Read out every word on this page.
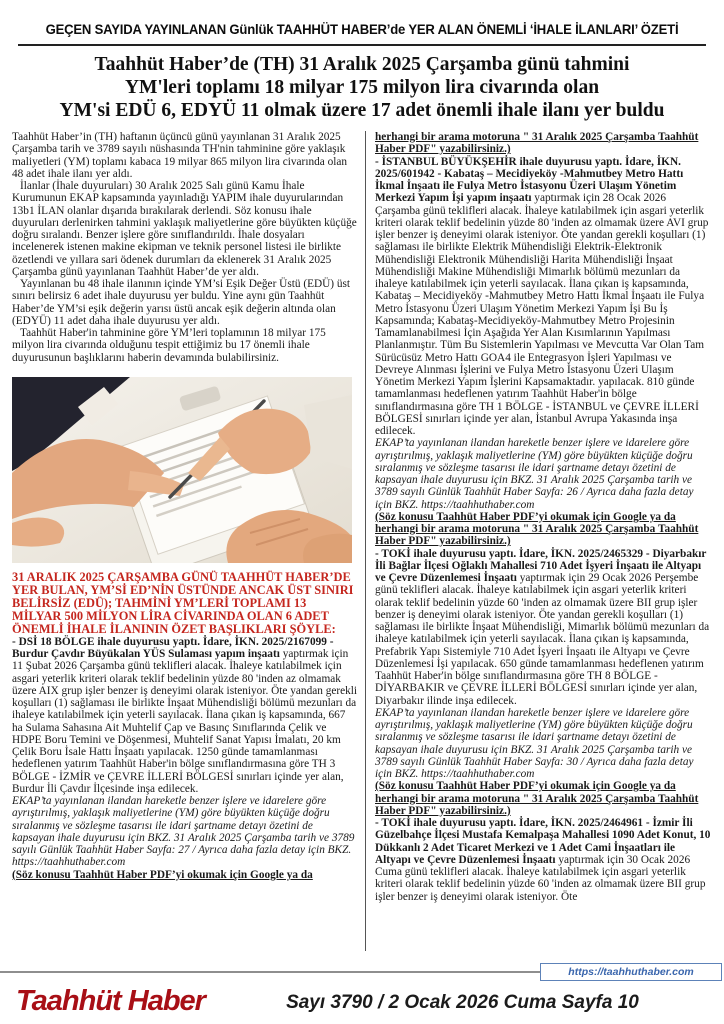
GEÇEN SAYIDA YAYINLANAN Günlük TAAHHÜT HABER’de YER ALAN ÖNEMLİ ‘İHALE İLANLARI’ ÖZETİ
Taahhüt Haber’de (TH) 31 Aralık 2025 Çarşamba günü tahmini
YM'leri toplamı 18 milyar 175 milyon lira civarında olan
YM'si EDÜ 6, EDYÜ 11 olmak üzere 17 adet önemli ihale ilanı yer buldu

Taahhüt Haber’in (TH) haftanın üçüncü günü yayınlanan 31 Aralık 2025 Çarşamba tarih ve 3789 sayılı nüshasında TH'nin tahminine göre yaklaşık maliyetleri (YM) toplamı kabaca 19 milyar 865 milyon lira civarında olan 48 adet ihale ilanı yer aldı.

İlanlar (İhale duyuruları) 30 Aralık 2025 Salı günü Kamu İhale Kurumunun EKAP kapsamında yayınladığı YAPIM ihale duyurularından 13b1 İLAN olanlar dışarıda bırakılarak derlendi. Söz konusu ihale duyuruları derlenirken tahmini yaklaşık maliyetlerine göre büyükten küçüğe doğru sıralandı. Benzer işlere göre sınıflandırıldı. İhale dosyaları incelenerek istenen makine ekipman ve teknik personel listesi ile birlikte özetlendi ve yıllara sari ödenek durumları da eklenerek 31 Aralık 2025 Çarşamba günü yayınlanan Taahhüt Haber’de yer aldı.

Yayınlanan bu 48 ihale ilanının içinde YM’si Eşik Değer Üstü (EDÜ) üst sınırı belirsiz 6 adet ihale duyurusu yer buldu. Yine aynı gün Taahhüt Haber’de YM’si eşik değerin yarısı üstü ancak eşik değerin altında olan (EDYÜ) 11 adet daha ihale duyurusu yer aldı.

Taahhüt Haber'in tahminine göre YM’leri toplamının 18 milyar 175 milyon lira civarında olduğunu tespit ettiğimiz bu 17 önemli ihale duyurusunun başlıklarını haberin devamında bulabilirsiniz.

31 ARALIK 2025 ÇARŞAMBA GÜNÜ TAAHHÜT HABER’DE YER BULAN, YM’Sİ ED’NİN ÜSTÜNDE ANCAK ÜST SINIRI BELİRSİZ (EDÜ); TAHMİNİ YM’LERİ TOPLAMI 13 MİLYAR 500 MİLYON LİRA CİVARINDA OLAN 6 ADET ÖNEMLİ İHALE İLANININ ÖZET BAŞLIKLARI ŞÖYLE:

- DSİ 18 BÖLGE ihale duyurusu yaptı. İdare, İKN. 2025/2167099 - Burdur Çavdır Büyükalan YÜS Sulaması yapım inşaatı yaptırmak için 11 Şubat 2026 Çarşamba günü teklifleri alacak. İhaleye katılabilmek için asgari yeterlik kriteri olarak teklif bedelinin yüzde 80 'inden az olmamak üzere AIX grup işler benzer iş deneyimi olarak isteniyor. Öte yandan gerekli koşulları (1) sağlaması ile birlikte İnşaat Mühendisliği bölümü mezunları da ihaleye katılabilmek için yeterli sayılacak. İlana çıkan iş kapsamında, 667 ha Sulama Sahasına Ait Muhtelif Çap ve Basınç Sınıflarında Çelik ve HDPE Boru Temini ve Döşenmesi, Muhtelif Sanat Yapısı İmalatı, 20 km Çelik Boru İsale Hattı İnşaatı yapılacak. 1250 günde tamamlanması hedeflenen yatırım Taahhüt Haber'in bölge sınıflandırmasına göre TH 3 BÖLGE - İZMİR ve ÇEVRE İLLERİ BÖLGESİ sınırları içinde yer alan, Burdur İli Çavdır İlçesinde inşa edilecek.

EKAP’ta yayınlanan ilandan hareketle benzer işlere ve idarelere göre ayrıştırılmış, yaklaşık maliyetlerine (YM) göre büyükten küçüğe doğru sıralanmış ve sözleşme tasarısı ile idari şartname detayı özetini de kapsayan ihale duyurusu için BKZ. 31 Aralık 2025 Çarşamba tarih ve 3789 sayılı Günlük Taahhüt Haber Sayfa: 27 / Ayrıca daha fazla detay için BKZ. https://taahhuthaber.com

(Söz konusu Taahhüt Haber PDF’yi okumak için Google ya da

herhangi bir arama motoruna " 31 Aralık 2025 Çarşamba Taahhüt Haber PDF" yazabilirsiniz.)

- İSTANBUL BÜYÜKŞEHİR ihale duyurusu yaptı. İdare, İKN. 2025/601942 - Kabataş – Mecidiyeköy -Mahmutbey Metro Hattı İkmal İnşaatı ile Fulya Metro İstasyonu Üzeri Ulaşım Yönetim Merkezi Yapım İşi yapım inşaatı yaptırmak için 28 Ocak 2026 Çarşamba günü teklifleri alacak. İhaleye katılabilmek için asgari yeterlik kriteri olarak teklif bedelinin yüzde 80 'inden az olmamak üzere AVI grup işler benzer iş deneyimi olarak isteniyor. Öte yandan gerekli koşulları (1) sağlaması ile birlikte Elektrik Mühendisliği Elektrik-Elektronik Mühendisliği Elektronik Mühendisliği Harita Mühendisliği İnşaat Mühendisliği Makine Mühendisliği Mimarlık bölümü mezunları da ihaleye katılabilmek için yeterli sayılacak. İlana çıkan iş kapsamında, Kabataş – Mecidiyeköy -Mahmutbey Metro Hattı İkmal İnşaatı ile Fulya Metro İstasyonu Üzeri Ulaşım Yönetim Merkezi Yapım İşi Bu İş Kapsamında; Kabataş-Mecidiyeköy-Mahmutbey Metro Projesinin Tamamlanabilmesi İçin Aşağıda Yer Alan Kısımlarının Yapılması Planlanmıştır. Tüm Bu Sistemlerin Yapılması ve Mevcutta Var Olan Tam Sürücüsüz Metro Hattı GOA4 ile Entegrasyon İşleri Yapılması ve Devreye Alınması İşlerini ve Fulya Metro İstasyonu Üzeri Ulaşım Yönetim Merkezi Yapım İşlerini Kapsamaktadır. yapılacak. 810 günde tamamlanması hedeflenen yatırım Taahhüt Haber'in bölge sınıflandırmasına göre TH 1 BÖLGE - İSTANBUL ve ÇEVRE İLLERİ BÖLGESİ sınırları içinde yer alan, İstanbul Avrupa Yakasında inşa edilecek.

EKAP’ta yayınlanan ilandan hareketle benzer işlere ve idarelere göre ayrıştırılmış, yaklaşık maliyetlerine (YM) göre büyükten küçüğe doğru sıralanmış ve sözleşme tasarısı ile idari şartname detayı özetini de kapsayan ihale duyurusu için BKZ. 31 Aralık 2025 Çarşamba tarih ve 3789 sayılı Günlük Taahhüt Haber Sayfa: 26 / Ayrıca daha fazla detay için BKZ. https://taahhuthaber.com

(Söz konusu Taahhüt Haber PDF’yi okumak için Google ya da herhangi bir arama motoruna " 31 Aralık 2025 Çarşamba Taahhüt Haber PDF" yazabilirsiniz.)

- TOKİ ihale duyurusu yaptı. İdare, İKN. 2025/2465329 - Diyarbakır İli Bağlar İlçesi Oğlaklı Mahallesi 710 Adet İşyeri İnşaatı ile Altyapı ve Çevre Düzenlemesi İnşaatı yaptırmak için 29 Ocak 2026 Perşembe günü teklifleri alacak. İhaleye katılabilmek için asgari yeterlik kriteri olarak teklif bedelinin yüzde 60 'inden az olmamak üzere BII grup işler benzer iş deneyimi olarak isteniyor. Öte yandan gerekli koşulları (1) sağlaması ile birlikte İnşaat Mühendisliği, Mimarlık bölümü mezunları da ihaleye katılabilmek için yeterli sayılacak. İlana çıkan iş kapsamında, Prefabrik Yapı Sistemiyle 710 Adet İşyeri İnşaatı ile Altyapı ve Çevre Düzenlemesi İşi yapılacak. 650 günde tamamlanması hedeflenen yatırım Taahhüt Haber'in bölge sınıflandırmasına göre TH 8 BÖLGE - DİYARBAKIR ve ÇEVRE İLLERİ BÖLGESİ sınırları içinde yer alan, Diyarbakır ilinde inşa edilecek.

EKAP’ta yayınlanan ilandan hareketle benzer işlere ve idarelere göre ayrıştırılmış, yaklaşık maliyetlerine (YM) göre büyükten küçüğe doğru sıralanmış ve sözleşme tasarısı ile idari şartname detayı özetini de kapsayan ihale duyurusu için BKZ. 31 Aralık 2025 Çarşamba tarih ve 3789 sayılı Günlük Taahhüt Haber Sayfa: 30 / Ayrıca daha fazla detay için BKZ. https://taahhuthaber.com

(Söz konusu Taahhüt Haber PDF’yi okumak için Google ya da herhangi bir arama motoruna " 31 Aralık 2025 Çarşamba Taahhüt Haber PDF" yazabilirsiniz.)

- TOKİ ihale duyurusu yaptı. İdare, İKN. 2025/2464961 - İzmir İli Güzelbahçe İlçesi Mustafa Kemalpaşa Mahallesi 1090 Adet Konut, 10 Dükkanlı 2 Adet Ticaret Merkezi ve 1 Adet Cami İnşaatları ile Altyapı ve Çevre Düzenlemesi İnşaatı yaptırmak için 30 Ocak 2026 Cuma günü teklifleri alacak. İhaleye katılabilmek için asgari yeterlik kriteri olarak teklif bedelinin yüzde 60 'inden az olmamak üzere BII grup işler benzer iş deneyimi olarak isteniyor. Öte

https://taahhuthaber.com
Taahhüt Haber	Sayı 3790 / 2 Ocak 2026 Cuma Sayfa 10
